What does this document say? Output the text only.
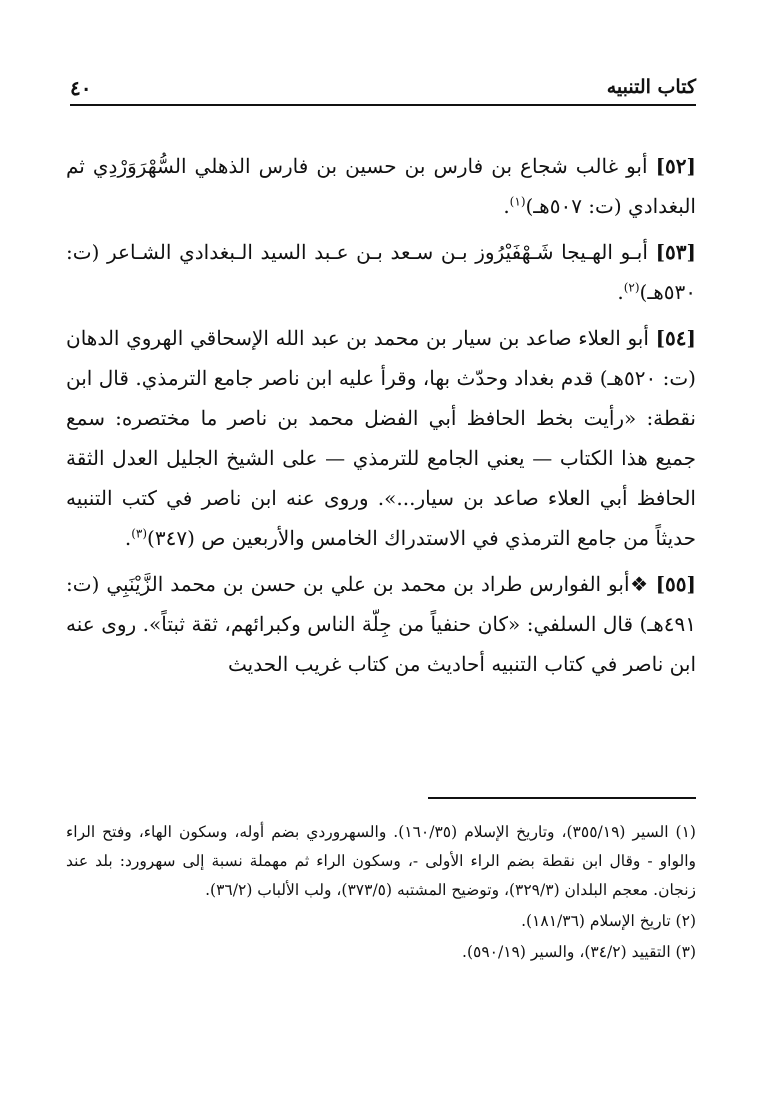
كتاب التنبيه
٤٠

[٥٢] أبو غالب شجاع بن فارس بن حسين بن فارس الذهلي السُّهْرَوَرْدِي ثم البغدادي (ت: ٥٠٧هـ)$^{(١)}$.

[٥٣] أبـو الهـيجا شَـهْفَيْرُوز بـن سـعد بـن عـبد السيد الـبغدادي الشـاعر (ت: ٥٣٠هـ)$^{(٢)}$.

[٥٤] أبو العلاء صاعد بن سيار بن محمد بن عبد الله الإسحاقي الهروي الدهان (ت: ٥٢٠هـ) قدم بغداد وحدّث بها، وقرأ عليه ابن ناصر جامع الترمذي. قال ابن نقطة: «رأيت بخط الحافظ أبي الفضل محمد بن ناصر ما مختصره: سمع جميع هذا الكتاب — يعني الجامع للترمذي — على الشيخ الجليل العدل الثقة الحافظ أبي العلاء صاعد بن سيار...». وروى عنه ابن ناصر في كتب التنبيه حديثاً من جامع الترمذي في الاستدراك الخامس والأربعين ص (٣٤٧)$^{(٣)}$.

[٥٥] ❖أبو الفوارس طراد بن محمد بن علي بن حسن بن محمد الزَّيْنَبِي (ت: ٤٩١هـ) قال السلفي: «كان حنفياً من جِلّة الناس وكبرائهم، ثقة ثبتاً». روى عنه ابن ناصر في كتاب التنبيه أحاديث من كتاب غريب الحديث

(١) السير (٣٥٥/١٩)، وتاريخ الإسلام (١٦٠/٣٥). والسهروردي بضم أوله، وسكون الهاء، وفتح الراء والواو - وقال ابن نقطة بضم الراء الأولى -، وسكون الراء ثم مهملة نسبة إلى سهرورد: بلد عند زنجان. معجم البلدان (٣٢٩/٣)، وتوضيح المشتبه (٣٧٣/٥)، ولب الألباب (٣٦/٢).

(٢) تاريخ الإسلام (١٨١/٣٦).

(٣) التقييد (٣٤/٢)، والسير (٥٩٠/١٩).
